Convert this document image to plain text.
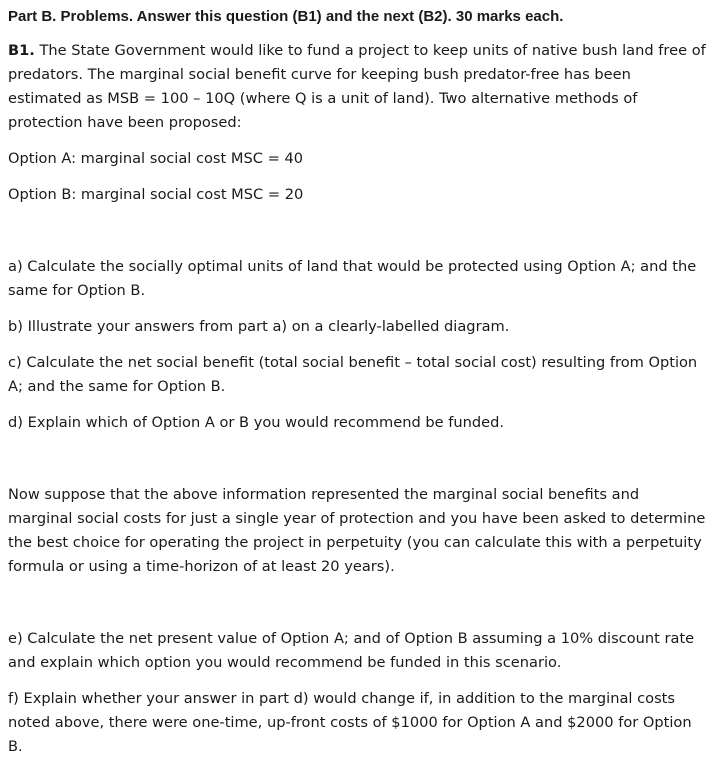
Part B. Problems. Answer this question (B1) and the next (B2). 30 marks each.

B1. The State Government would like to fund a project to keep units of native bush land free of predators. The marginal social benefit curve for keeping bush predator-free has been estimated as MSB = 100 – 10Q (where Q is a unit of land). Two alternative methods of protection have been proposed:

Option A: marginal social cost MSC = 40

Option B: marginal social cost MSC = 20

a) Calculate the socially optimal units of land that would be protected using Option A; and the same for Option B.

b) Illustrate your answers from part a) on a clearly-labelled diagram.

c) Calculate the net social benefit (total social benefit – total social cost) resulting from Option A; and the same for Option B.

d) Explain which of Option A or B you would recommend be funded.

Now suppose that the above information represented the marginal social benefits and marginal social costs for just a single year of protection and you have been asked to determine the best choice for operating the project in perpetuity (you can calculate this with a perpetuity formula or using a time-horizon of at least 20 years).

e) Calculate the net present value of Option A; and of Option B assuming a 10% discount rate and explain which option you would recommend be funded in this scenario.

f) Explain whether your answer in part d) would change if, in addition to the marginal costs noted above, there were one-time, up-front costs of $1000 for Option A and $2000 for Option B.
